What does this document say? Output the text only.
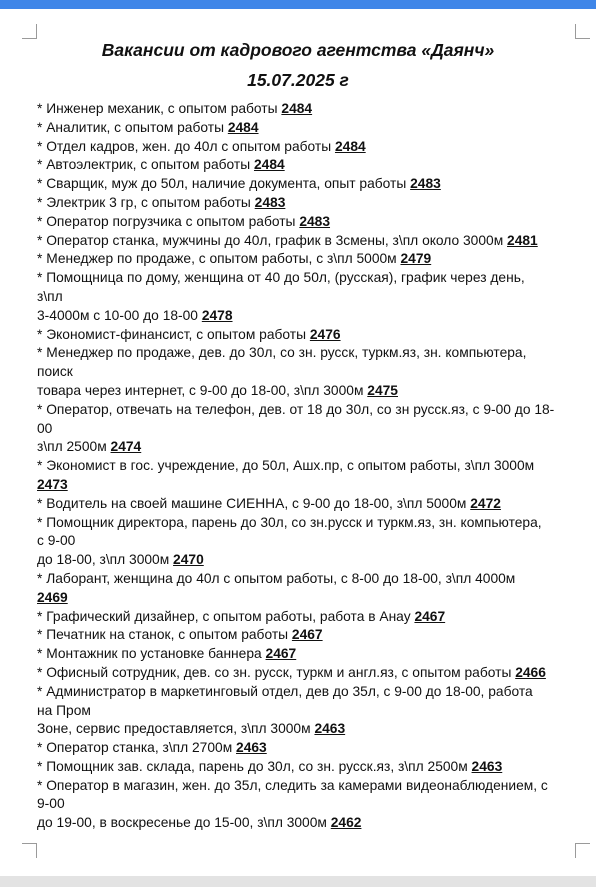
Вакансии от кадрового агентства «Даянч»
15.07.2025 г
* Инженер механик, с опытом работы 2484
* Аналитик, с опытом работы 2484
* Отдел кадров, жен. до 40л с опытом работы 2484
* Автоэлектрик, с опытом работы 2484
* Сварщик, муж до 50л, наличие документа, опыт работы 2483
* Электрик 3 гр, с опытом работы 2483
* Оператор погрузчика с опытом работы 2483
* Оператор станка, мужчины до 40л, график в 3смены, з\пл около 3000м 2481
* Менеджер по продаже, с опытом работы, с з\пл 5000м 2479
* Помощница по дому, женщина от 40 до 50л, (русская), график через день,
з\пл
3-4000м с 10-00 до 18-00 2478
* Экономист-финансист, с опытом работы 2476
* Менеджер по продаже, дев. до 30л, со зн. русск, туркм.яз, зн. компьютера,
поиск
товара через интернет, с 9-00 до 18-00, з\пл 3000м 2475
* Оператор, отвечать на телефон, дев. от 18 до 30л, со зн русск.яз, с 9-00 до 18-
00
з\пл 2500м 2474
* Экономист в гос. учреждение, до 50л, Ашх.пр, с опытом работы, з\пл 3000м
2473
* Водитель на своей машине СИЕННА, с 9-00 до 18-00, з\пл 5000м 2472
* Помощник директора, парень до 30л, со зн.русск и туркм.яз, зн. компьютера,
с 9-00
до 18-00, з\пл 3000м 2470
* Лаборант, женщина до 40л с опытом работы, с 8-00 до 18-00, з\пл 4000м
2469
* Графический дизайнер, с опытом работы, работа в Анау 2467
* Печатник на станок, с опытом работы 2467
* Монтажник по установке баннера 2467
* Офисный сотрудник, дев. со зн. русск, туркм и англ.яз, с опытом работы 2466
* Администратор в маркетинговый отдел, дев до 35л, с 9-00 до 18-00, работа
на Пром
Зоне, сервис предоставляется, з\пл 3000м 2463
* Оператор станка, з\пл 2700м 2463
* Помощник зав. склада, парень до 30л, со зн. русск.яз, з\пл 2500м 2463
* Оператор в магазин, жен. до 35л, следить за камерами видеонаблюдением, с
9-00
до 19-00, в воскресенье до 15-00, з\пл 3000м 2462
